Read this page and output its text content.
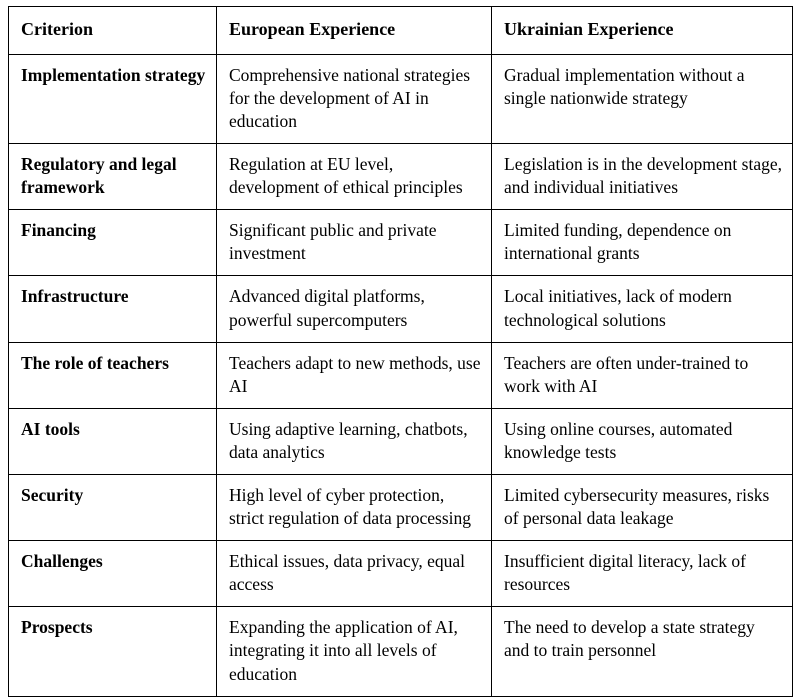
Criterion	European Experience	Ukrainian Experience
Implementation strategy	Comprehensive national strategies for the development of AI in education	Gradual implementation without a single nationwide strategy
Regulatory and legal framework	Regulation at EU level, development of ethical principles	Legislation is in the development stage, and individual initiatives
Financing	Significant public and private investment	Limited funding, dependence on international grants
Infrastructure	Advanced digital platforms, powerful supercomputers	Local initiatives, lack of modern technological solutions
The role of teachers	Teachers adapt to new methods, use AI	Teachers are often under-trained to work with AI
AI tools	Using adaptive learning, chatbots, data analytics	Using online courses, automated knowledge tests
Security	High level of cyber protection, strict regulation of data processing	Limited cybersecurity measures, risks of personal data leakage
Challenges	Ethical issues, data privacy, equal access	Insufficient digital literacy, lack of resources
Prospects	Expanding the application of AI, integrating it into all levels of education	The need to develop a state strategy and to train personnel
